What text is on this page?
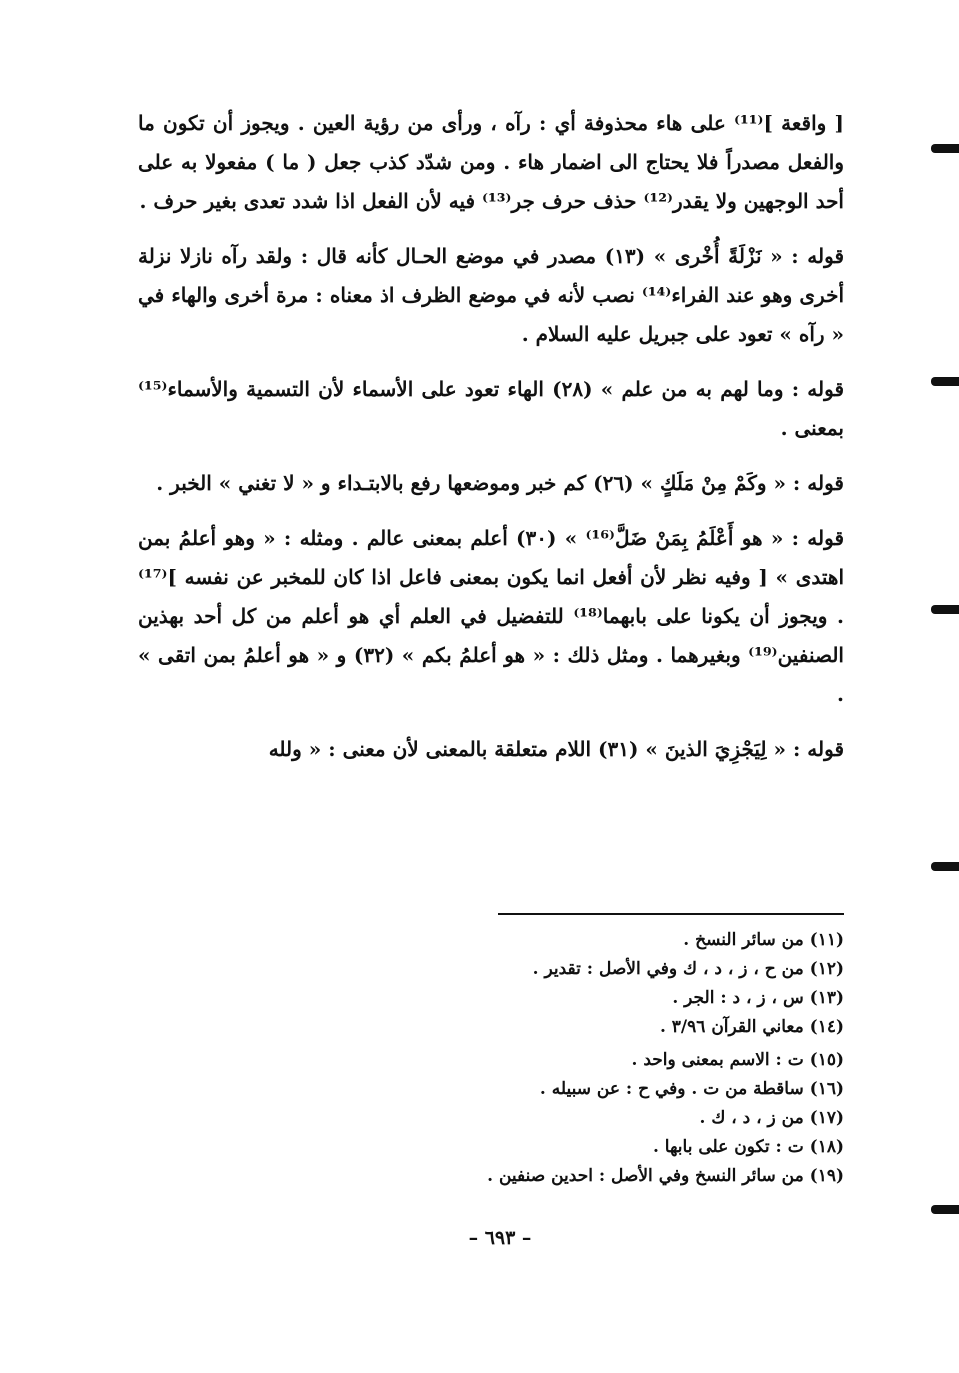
[ واقعة ]⁽¹¹⁾ على هاء محذوفة أي : رآه ، ورأى من رؤية العين . ويجوز أن تكون ما والفعل مصدراً فلا يحتاج الى اضمار هاء . ومن شدّد كذب جعل ( ما ) مفعولا به على أحد الوجهين ولا يقدر⁽¹²⁾ حذف حرف جر⁽¹³⁾ فيه لأن الفعل اذا شدد تعدى بغير حرف .

قوله : « نَزْلَةً أُخْرى » (١٣) مصدر في موضع الحـال كأنه قال : ولقد رآه نازلا نزلة أخرى وهو عند الفراء⁽¹⁴⁾ نصب لأنه في موضع الظرف اذ معناه : مرة أخرى والهاء في « رآه » تعود على جبريل عليه السلام .

قوله : وما لهم به من علم » (٢٨) الهاء تعود على الأسماء لأن التسمية والأسماء⁽¹⁵⁾ بمعنى .

قوله : « وكَمْ مِنْ مَلَكٍ » (٢٦) كم خبر وموضعها رفع بالابتـداء و « لا تغني » الخبر .

قوله : « هو أَعْلَمُ بِمَنْ ضَلَّ⁽¹⁶⁾ » (٣٠) أعلم بمعنى عالم . ومثله : « وهو أعلمُ بمن اهتدى » [ وفيه نظر لأن أفعل انما يكون بمعنى فاعل اذا كان للمخبر عن نفسه ]⁽¹⁷⁾ . ويجوز أن يكونا على بابهما⁽¹⁸⁾ للتفضيل في العلم أي هو أعلم من كل أحد بهذين الصنفين⁽¹⁹⁾ وبغيرهما . ومثل ذلك : « هو أعلمُ بكم » (٣٢) و « هو أعلمُ بمن اتقى » .

قوله : « لِيَجْزِيَ الذينَ » (٣١) اللام متعلقة بالمعنى لأن معنى : « ولله

(١١) من سائر النسخ .

(١٢) من ح ، ز ، د ، ك وفي الأصل : تقدير .

(١٣) س ، ز ، د : الجر .

(١٤) معاني القرآن ٣/٩٦ .

(١٥) ت : الاسم بمعنى واحد .

(١٦) ساقطة من ت . وفي ح : عن سبيله .

(١٧) من ز ، د ، ك .

(١٨) ت : تكون على بابها .

(١٩) من سائر النسخ وفي الأصل : احدين صنفين .

– ٦٩٣ –
